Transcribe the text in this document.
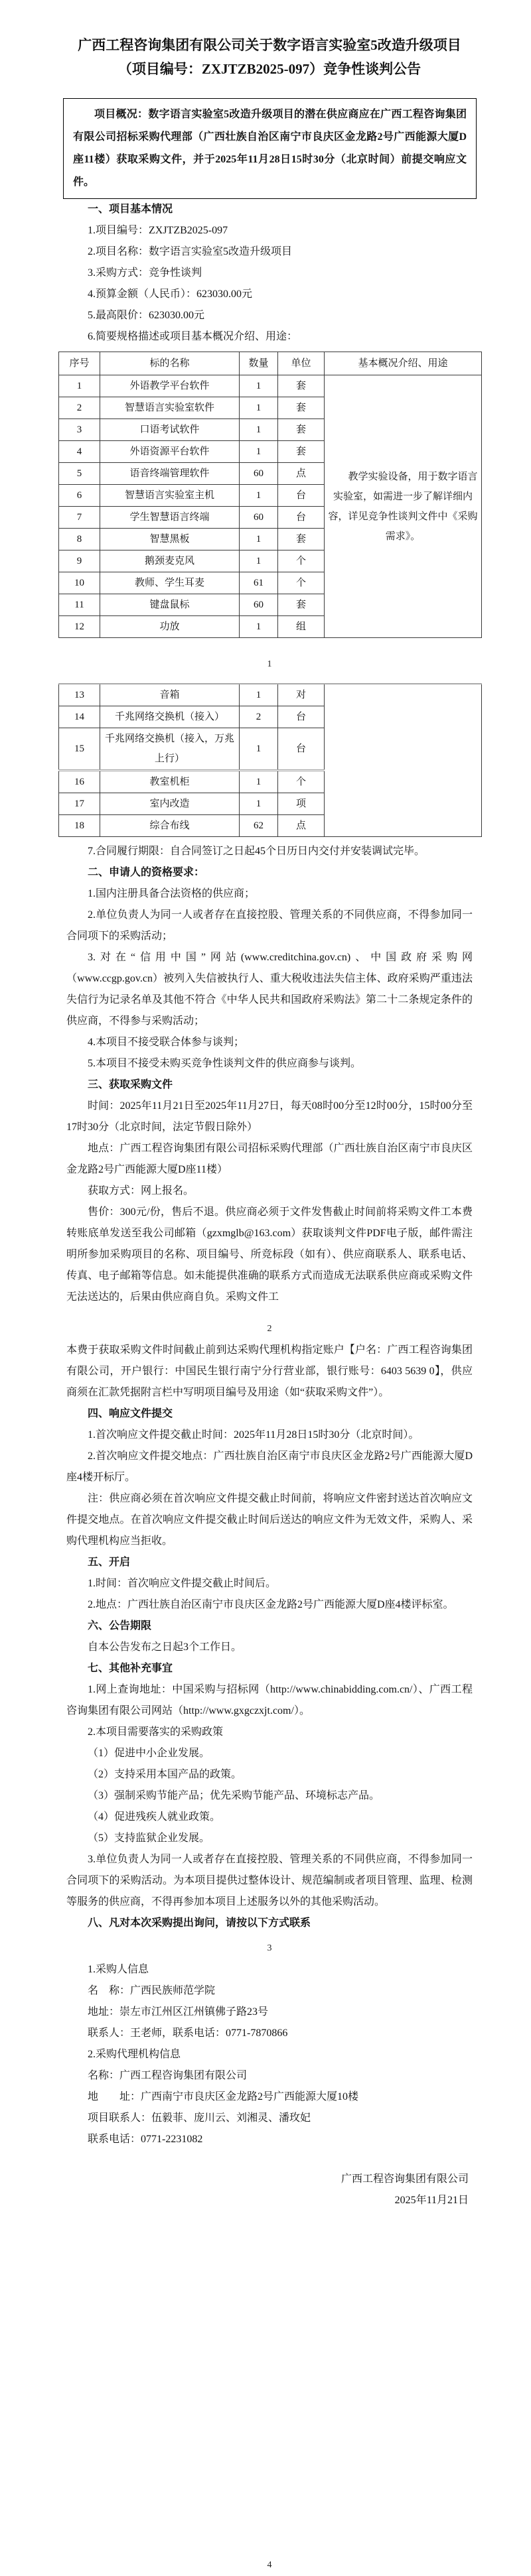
广西工程咨询集团有限公司关于数字语言实验室5改造升级项目

（项目编号：ZXJTZB2025-097）竞争性谈判公告

项目概况：数字语言实验室5改造升级项目的潜在供应商应在广西工程咨询集团有限公司招标采购代理部（广西壮族自治区南宁市良庆区金龙路2号广西能源大厦D座11楼）获取采购文件，并于2025年11月28日15时30分（北京时间）前提交响应文件。

一、项目基本情况

1.项目编号：ZXJTZB2025-097

2.项目名称：数字语言实验室5改造升级项目

3.采购方式：竞争性谈判

4.预算金额（人民币）：623030.00元

5.最高限价：623030.00元

6.简要规格描述或项目基本概况介绍、用途：

序号	标的名称	数量	单位	基本概况介绍、用途
1	外语教学平台软件	1	套	教学实验设备，用于数字语言实验室，如需进一步了解详细内容，详见竞争性谈判文件中《采购需求》。

2	智慧语言实验室软件	1	套	
3	口语考试软件	1	套	
4	外语资源平台软件	1	套	
5	语音终端管理软件	60	点	
6	智慧语言实验室主机	1	台	
7	学生智慧语言终端	60	台	
8	智慧黑板	1	套	
9	鹅颈麦克风	1	个	
10	教师、学生耳麦	61	个	
11	键盘鼠标	60	套	
12	功放	1	组	

1

13	音箱	1	对	
14	千兆网络交换机（接入）	2	台	
15	千兆网络交换机（接入，万兆上行）	1	台	
16	教室机柜	1	个	
17	室内改造	1	项	
18	综合布线	62	点	

7.合同履行期限：自合同签订之日起45个日历日内交付并安装调试完毕。

二、申请人的资格要求：

1.国内注册具备合法资格的供应商；

2.单位负责人为同一人或者存在直接控股、管理关系的不同供应商，不得参加同一合同项下的采购活动；

3.对在“信用中国”网站(www.creditchina.gov.cn)、中国政府采购网（www.ccgp.gov.cn）被列入失信被执行人、重大税收违法失信主体、政府采购严重违法失信行为记录名单及其他不符合《中华人民共和国政府采购法》第二十二条规定条件的供应商，不得参与采购活动；

4.本项目不接受联合体参与谈判；

5.本项目不接受未购买竞争性谈判文件的供应商参与谈判。

三、获取采购文件

时间：2025年11月21日至2025年11月27日，每天08时00分至12时00分，15时00分至17时30分（北京时间，法定节假日除外）

地点：广西工程咨询集团有限公司招标采购代理部（广西壮族自治区南宁市良庆区金龙路2号广西能源大厦D座11楼）

获取方式：网上报名。

售价：300元/份，售后不退。供应商必须于文件发售截止时间前将采购文件工本费转账底单发送至我公司邮箱（gzxmglb@163.com）获取谈判文件PDF电子版，邮件需注明所参加采购项目的名称、项目编号、所竞标段（如有）、供应商联系人、联系电话、传真、电子邮箱等信息。如未能提供准确的联系方式而造成无法联系供应商或采购文件无法送达的，后果由供应商自负。采购文件工

2

本费于获取采购文件时间截止前到达采购代理机构指定账户【户名：广西工程咨询集团有限公司，开户银行：中国民生银行南宁分行营业部，银行账号：6403 5639 0】，供应商须在汇款凭据附言栏中写明项目编号及用途（如“获取采购文件”）。

四、响应文件提交

1.首次响应文件提交截止时间：2025年11月28日15时30分（北京时间）。

2.首次响应文件提交地点：广西壮族自治区南宁市良庆区金龙路2号广西能源大厦D座4楼开标厅。

注：供应商必须在首次响应文件提交截止时间前，将响应文件密封送达首次响应文件提交地点。在首次响应文件提交截止时间后送达的响应文件为无效文件，采购人、采购代理机构应当拒收。

五、开启

1.时间：首次响应文件提交截止时间后。

2.地点：广西壮族自治区南宁市良庆区金龙路2号广西能源大厦D座4楼评标室。

六、公告期限

自本公告发布之日起3个工作日。

七、其他补充事宜

1.网上查询地址：中国采购与招标网（http://www.chinabidding.com.cn/）、广西工程咨询集团有限公司网站（http://www.gxgczxjt.com/）。

2.本项目需要落实的采购政策

（1）促进中小企业发展。

（2）支持采用本国产品的政策。

（3）强制采购节能产品；优先采购节能产品、环境标志产品。

（4）促进残疾人就业政策。

（5）支持监狱企业发展。

3.单位负责人为同一人或者存在直接控股、管理关系的不同供应商，不得参加同一合同项下的采购活动。为本项目提供过整体设计、规范编制或者项目管理、监理、检测等服务的供应商，不得再参加本项目上述服务以外的其他采购活动。

八、凡对本次采购提出询问，请按以下方式联系

3

1.采购人信息

名　称：广西民族师范学院

地址：崇左市江州区江州镇佛子路23号

联系人：王老师，联系电话：0771-7870866

2.采购代理机构信息

名称：广西工程咨询集团有限公司

地　　址：广西南宁市良庆区金龙路2号广西能源大厦10楼

项目联系人：伍毅菲、庞川云、刘湘灵、潘玫妃

联系电话：0771-2231082

广西工程咨询集团有限公司

2025年11月21日

4
